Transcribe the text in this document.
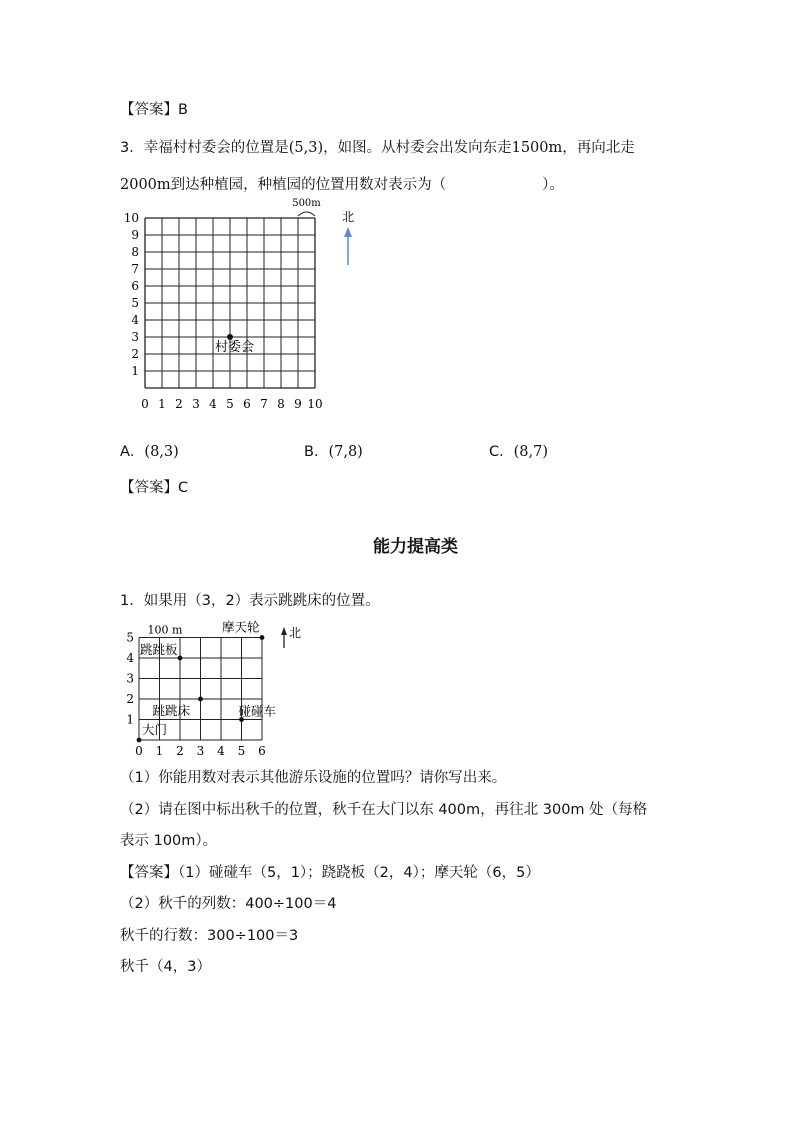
【答案】B
3．幸福村村委会的位置是(5,3)，如图。从村委会出发向东走1500m，再向北走
2000m到达种植园，种植园的位置用数对表示为（	）。
0 1 2 3 4 5 6 7 8 9 10
1
2
3
4
5
6
7
8
9
10
500m
北
村委会
A．(8,3)	B．(7,8)	C．(8,7)
【答案】C
能力提高类
1．如果用（3，2）表示跳跳床的位置。
0 1 2 3 4 5 6
1
2
3
4
5
100 m	北
摩天轮
跳跳板
跳跳床	碰碰车
大门
（1）你能用数对表示其他游乐设施的位置吗？请你写出来。
（2）请在图中标出秋千的位置，秋千在大门以东 400m，再往北 300m 处（每格
表示 100m）。
【答案】（1）碰碰车（5，1）；跷跷板（2，4）；摩天轮（6，5）
（2）秋千的列数：400÷100＝4
秋千的行数：300÷100＝3
秋千（4，3）
